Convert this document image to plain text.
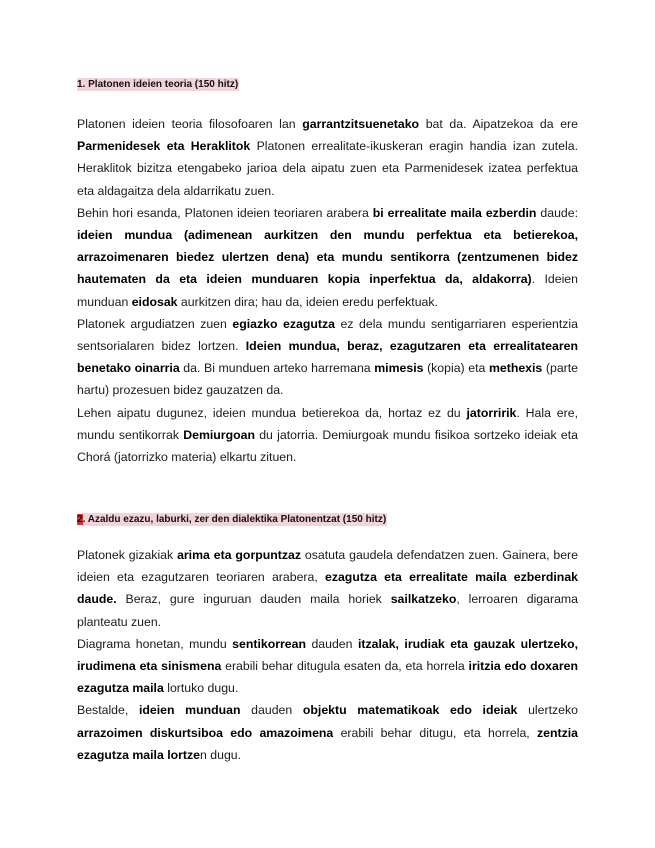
1. Platonen ideien teoria (150 hitz)
Platonen ideien teoria filosofoaren lan garrantzitsuenetako bat da. Aipatzekoa da ere Parmenidesek eta Heraklitok Platonen errealitate-ikuskeran eragin handia izan zutela. Heraklitok bizitza etengabeko jarioa dela aipatu zuen eta Parmenidesek izatea perfektua eta aldagaitza dela aldarrikatu zuen.
Behin hori esanda, Platonen ideien teoriaren arabera bi errealitate maila ezberdin daude: ideien mundua (adimenean aurkitzen den mundu perfektua eta betierekoa, arrazoimenaren biedez ulertzen dena) eta mundu sentikorra (zentzumenen bidez hautematen da eta ideien munduaren kopia inperfektua da, aldakorra). Ideien munduan eidosak aurkitzen dira; hau da, ideien eredu perfektuak.
Platonek argudiatzen zuen egiazko ezagutza ez dela mundu sentigarriaren esperientzia sentsorialaren bidez lortzen. Ideien mundua, beraz, ezagutzaren eta errealitatearen benetako oinarria da. Bi munduen arteko harremana mimesis (kopia) eta methexis (parte hartu) prozesuen bidez gauzatzen da.
Lehen aipatu dugunez, ideien mundua betierekoa da, hortaz ez du jatorririk. Hala ere, mundu sentikorrak Demiurgoan du jatorria. Demiurgoak mundu fisikoa sortzeko ideiak eta Chorá (jatorrizko materia) elkartu zituen.
2. Azaldu ezazu, laburki, zer den dialektika Platonentzat (150 hitz)
Platonek gizakiak arima eta gorpuntzaz osatuta gaudela defendatzen zuen. Gainera, bere ideien eta ezagutzaren teoriaren arabera, ezagutza eta errealitate maila ezberdinak daude. Beraz, gure inguruan dauden maila horiek sailkatzeko, lerroaren digarama planteatu zuen.
Diagrama honetan, mundu sentikorrean dauden itzalak, irudiak eta gauzak ulertzeko, irudimena eta sinismena erabili behar ditugula esaten da, eta horrela iritzia edo doxaren ezagutza maila lortuko dugu.
Bestalde, ideien munduan dauden objektu matematikoak edo ideiak ulertzeko arrazoimen diskurtsiboa edo amazoimena erabili behar ditugu, eta horrela, zentzia ezagutza maila lortzen dugu.
